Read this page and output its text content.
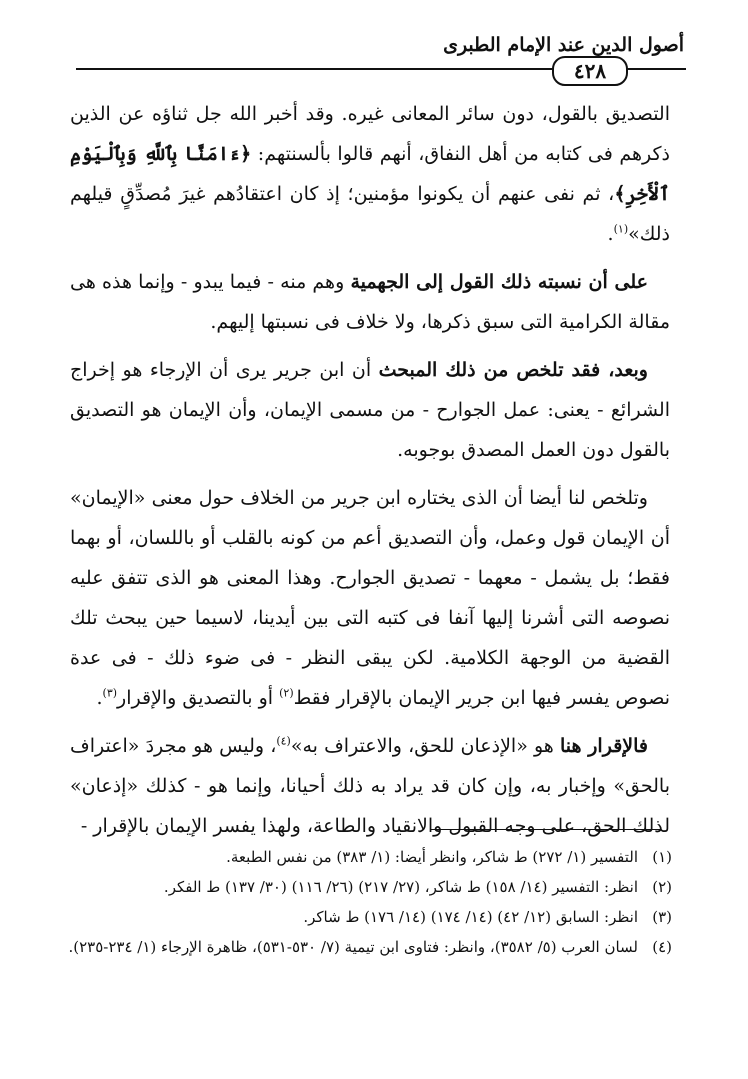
أصول الدين عند الإمام الطبرى
٤٢٨

التصديق بالقول، دون سائر المعانى غيره. وقد أخبر الله جل ثناؤه عن الذين ذكرهم فى كتابه من أهل النفاق، أنهم قالوا بألسنتهم: ﴿ءَامَنَّا بِٱللَّهِ وَبِٱلْيَوْمِ ٱلْأَخِرِ﴾، ثم نفى عنهم أن يكونوا مؤمنين؛ إذ كان اعتقادُهم غيرَ مُصدِّقٍ قيلهم ذلك»$^{(١)}$.

على أن نسبته ذلك القول إلى الجهمية وهم منه - فيما يبدو - وإنما هذه هى مقالة الكرامية التى سبق ذكرها، ولا خلاف فى نسبتها إليهم.

وبعد، فقد تلخص من ذلك المبحث أن ابن جرير يرى أن الإرجاء هو إخراج الشرائع - يعنى: عمل الجوارح - من مسمى الإيمان، وأن الإيمان هو التصديق بالقول دون العمل المصدق بوجوبه.

وتلخص لنا أيضا أن الذى يختاره ابن جرير من الخلاف حول معنى «الإيمان» أن الإيمان قول وعمل، وأن التصديق أعم من كونه بالقلب أو باللسان، أو بهما فقط؛ بل يشمل - معهما - تصديق الجوارح. وهذا المعنى هو الذى تتفق عليه نصوصه التى أشرنا إليها آنفا فى كتبه التى بين أيدينا، لاسيما حين يبحث تلك القضية من الوجهة الكلامية. لكن يبقى النظر - فى ضوء ذلك - فى عدة نصوص يفسر فيها ابن جرير الإيمان بالإقرار فقط$^{(٢)}$ أو بالتصديق والإقرار$^{(٣)}$.

فالإقرار هنا هو «الإذعان للحق، والاعتراف به»$^{(٤)}$، وليس هو مجردَ «اعتراف بالحق» وإخبار به، وإن كان قد يراد به ذلك أحيانا، وإنما هو - كذلك «إذعان» لذلك الحق، على وجه القبول والانقياد والطاعة، ولهذا يفسر الإيمان بالإقرار -

(١)
التفسير (١/ ٢٧٢) ط شاكر، وانظر أيضا: (١/ ٣٨٣) من نفس الطبعة.
(٢)
انظر: التفسير (١٤/ ١٥٨) ط شاكر، (٢٧/ ٢١٧) (٢٦/ ١١٦) (٣٠/ ١٣٧) ط الفكر.
(٣)
انظر: السابق (١٢/ ٤٢) (١٤/ ١٧٤) (١٤/ ١٧٦) ط شاكر.
(٤)
لسان العرب (٥/ ٣٥٨٢)، وانظر: فتاوى ابن تيمية (٧/ ٥٣٠-٥٣١)، ظاهرة الإرجاء (١/ ٢٣٤-٢٣٥).
